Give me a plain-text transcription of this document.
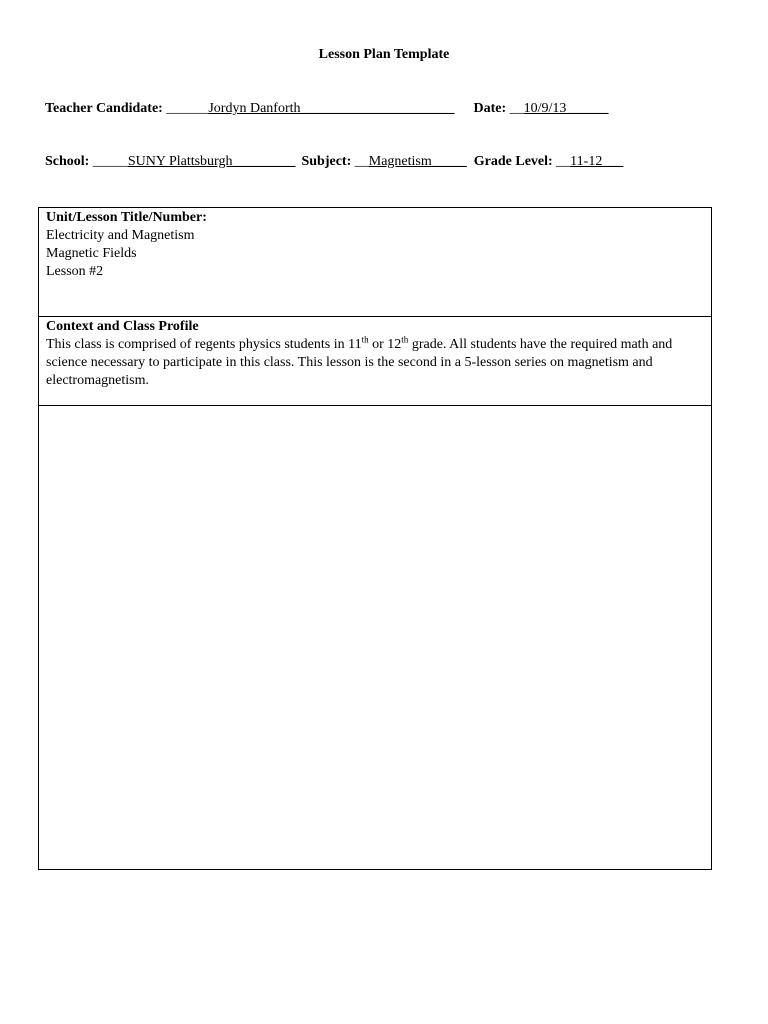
Lesson Plan Template
Teacher Candidate: ______Jordyn Danforth______________________ Date: __10/9/13______
School: _____SUNY Plattsburgh_________ Subject: __Magnetism_____ Grade Level: __11-12___
Unit/Lesson Title/Number:
Electricity and Magnetism
Magnetic Fields
Lesson #2
Context and Class Profile
This class is comprised of regents physics students in 11th or 12th grade. All students have the required math and science necessary to participate in this class. This lesson is the second in a 5-lesson series on magnetism and electromagnetism.
